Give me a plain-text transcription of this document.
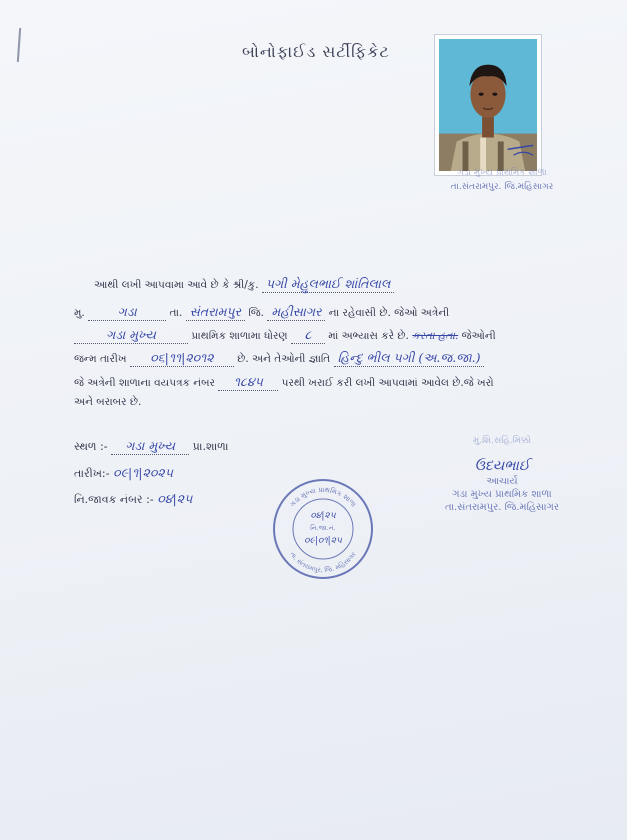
બોનોફાઈડ સર્ટીફિકેટ
ગડા મુખ્ય પ્રાથમિક શાળા
તા.સંતરામપુર. જિ.મહિસાગર
આથી લખી આપવામા આવે છે કે શ્રી/કુ. પગી મેહુલભાઈ શાંતિલાલ
મુ.	ગડા	તા. સંતરામપુર જિ. મહીસાગર ના રહેવાસી છે. જેઓ અત્રેની
ગડા મુખ્ય	પ્રાથમિક શાળામા ધોરણ ૮ માં અભ્યાસ કરે છે. કરતા હતા. જેઓની
જન્મ તારીખ ૦૬|૧૧|૨૦૧૨ છે. અને તેઓની જ્ઞાતિ હિન્દુ ભીલ પગી (અ.જ.જા.)
જે અત્રેની શાળાના વયપત્રક નંબર ૧૮૪૫ પરથી ખરાઈ કરી લખી આપવામાં આવેલ છે.જે ખરો
અને બરાબર છે.
સ્થળ :- ગડા મુખ્ય પ્રા.શાળા
તારીખ:- ૦૯|૧|૨૦૨૫
નિ.જાવક નંબર :- ૦૪|૨૫
મુ.શિ.સહિ.મિક્કો
ઉદયભાઈ
આચાર્ય
ગડા મુખ્ય પ્રાથમિક શાળા
તા.સંતરામપુર. જિ.મહિસાગર
ગડા મુખ્ય પ્રાથમિક શાળા
તા. સંતરામપુર, જિ. મહિસાગર
૦૪|૨૫
નિ.જા.નં.
૦૯|૦૧|૨૫
